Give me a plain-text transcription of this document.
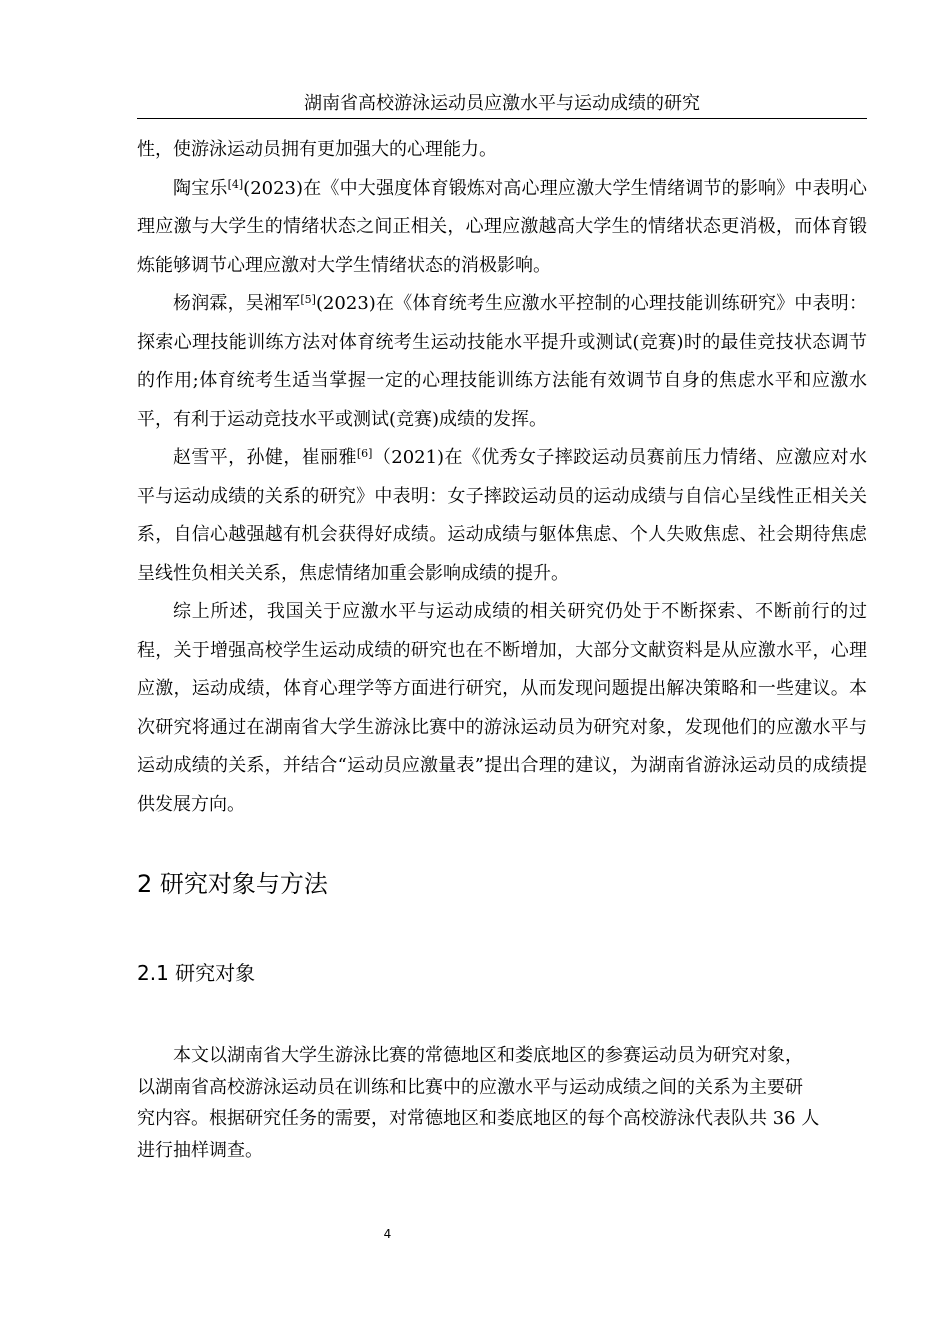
湖南省高校游泳运动员应激水平与运动成绩的研究

性，使游泳运动员拥有更加强大的心理能力。

陶宝乐[4](2023)在《中大强度体育锻炼对高心理应激大学生情绪调节的影响》中表明心理应激与大学生的情绪状态之间正相关，心理应激越高大学生的情绪状态更消极，而体育锻炼能够调节心理应激对大学生情绪状态的消极影响。

杨润霖，吴湘军[5](2023)在《体育统考生应激水平控制的心理技能训练研究》中表明：探索心理技能训练方法对体育统考生运动技能水平提升或测试(竞赛)时的最佳竞技状态调节的作用;体育统考生适当掌握一定的心理技能训练方法能有效调节自身的焦虑水平和应激水平，有利于运动竞技水平或测试(竞赛)成绩的发挥。

赵雪平，孙健，崔丽雅[6]（2021)在《优秀女子摔跤运动员赛前压力情绪、应激应对水平与运动成绩的关系的研究》中表明：女子摔跤运动员的运动成绩与自信心呈线性正相关关系，自信心越强越有机会获得好成绩。运动成绩与躯体焦虑、个人失败焦虑、社会期待焦虑呈线性负相关关系，焦虑情绪加重会影响成绩的提升。

综上所述，我国关于应激水平与运动成绩的相关研究仍处于不断探索、不断前行的过程，关于增强高校学生运动成绩的研究也在不断增加，大部分文献资料是从应激水平，心理应激，运动成绩，体育心理学等方面进行研究，从而发现问题提出解决策略和一些建议。本次研究将通过在湖南省大学生游泳比赛中的游泳运动员为研究对象，发现他们的应激水平与运动成绩的关系，并结合“运动员应激量表”提出合理的建议，为湖南省游泳运动员的成绩提供发展方向。

2 研究对象与方法
2.1 研究对象
本文以湖南省大学生游泳比赛的常德地区和娄底地区的参赛运动员为研究对象，
以湖南省高校游泳运动员在训练和比赛中的应激水平与运动成绩之间的关系为主要研
究内容。根据研究任务的需要，对常德地区和娄底地区的每个高校游泳代表队共 36 人
进行抽样调查。
4
